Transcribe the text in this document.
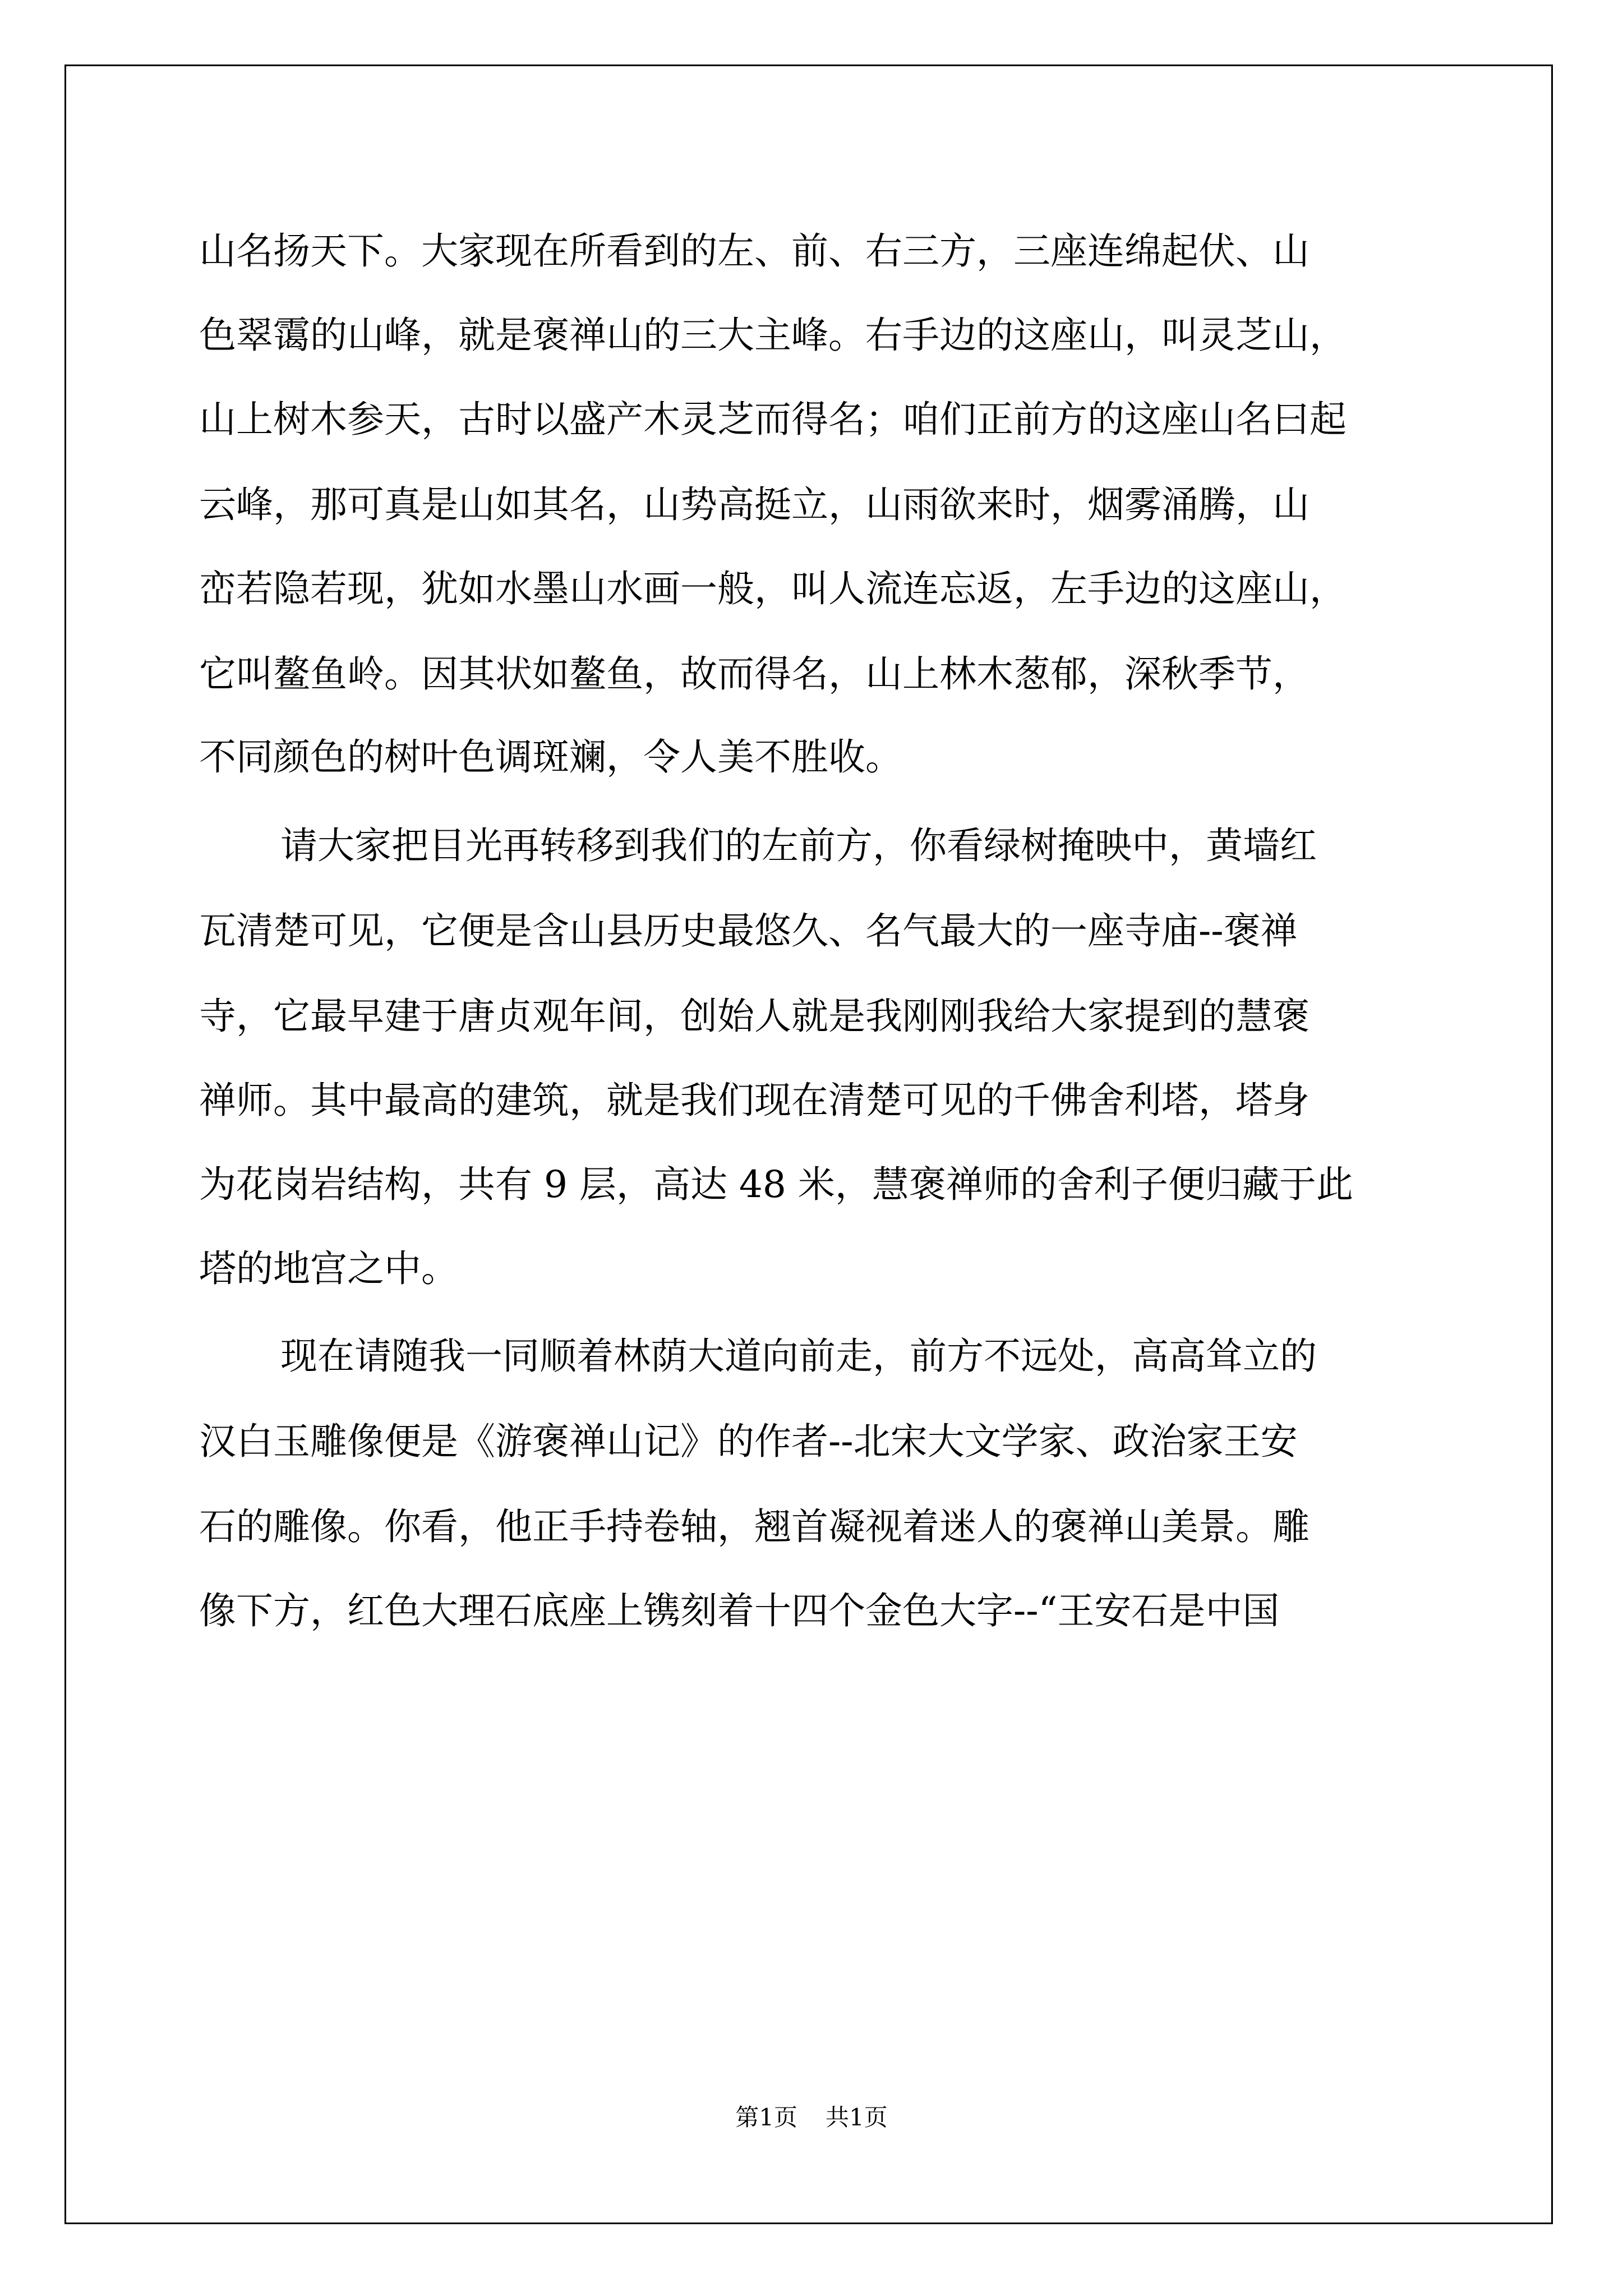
山名扬天下。大家现在所看到的左、前、右三方，三座连绵起伏、山
色翠霭的山峰，就是褒禅山的三大主峰。右手边的这座山，叫灵芝山，
山上树木参天，古时以盛产木灵芝而得名；咱们正前方的这座山名曰起
云峰，那可真是山如其名，山势高挺立，山雨欲来时，烟雾涌腾，山
峦若隐若现，犹如水墨山水画一般，叫人流连忘返，左手边的这座山，
它叫鳌鱼岭。因其状如鳌鱼，故而得名，山上林木葱郁，深秋季节，
不同颜色的树叶色调斑斓，令人美不胜收。
请大家把目光再转移到我们的左前方，你看绿树掩映中，黄墙红
瓦清楚可见，它便是含山县历史最悠久、名气最大的一座寺庙--褒禅
寺，它最早建于唐贞观年间，创始人就是我刚刚我给大家提到的慧褒
禅师。其中最高的建筑，就是我们现在清楚可见的千佛舍利塔，塔身
为花岗岩结构，共有 9 层，高达 48 米，慧褒禅师的舍利子便归藏于此
塔的地宫之中。
现在请随我一同顺着林荫大道向前走，前方不远处，高高耸立的
汉白玉雕像便是《游褒禅山记》的作者--北宋大文学家、政治家王安
石的雕像。你看，他正手持卷轴，翘首凝视着迷人的褒禅山美景。雕
像下方，红色大理石底座上镌刻着十四个金色大字--“王安石是中国
第1页 共1页
